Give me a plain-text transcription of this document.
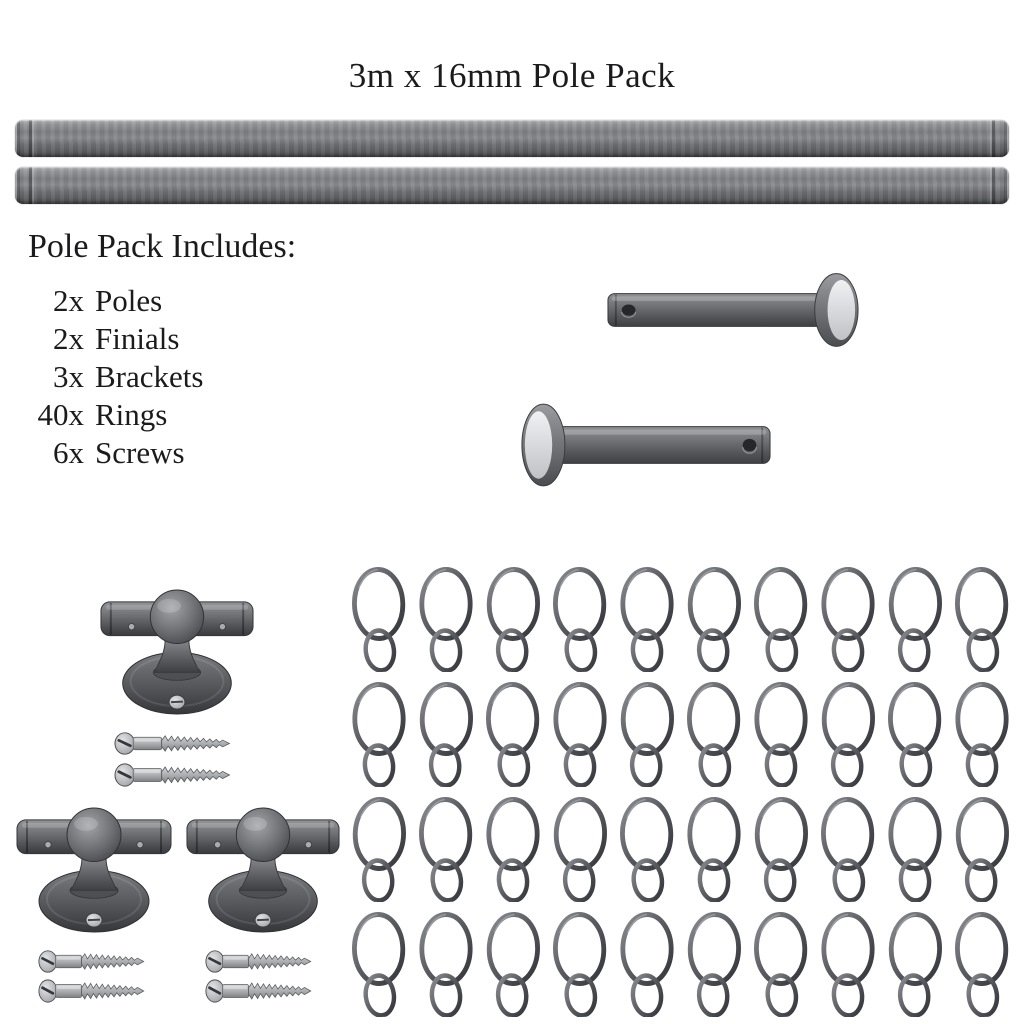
3m x 16mm Pole Pack
Pole Pack Includes:
2x Poles
2x Finials
3x Brackets
40x Rings
6x Screws
